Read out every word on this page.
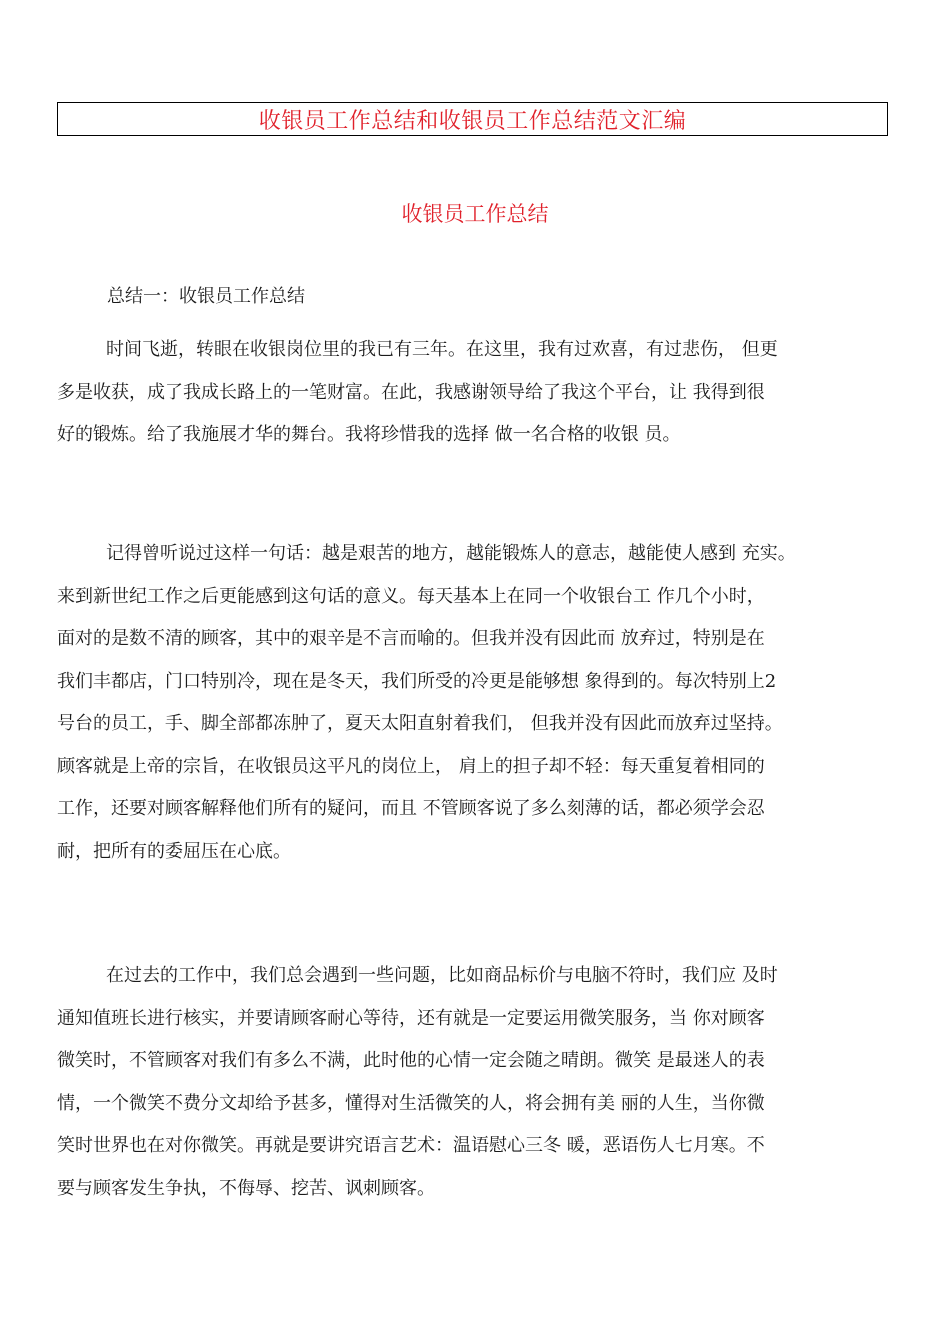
收银员工作总结和收银员工作总结范文汇编
收银员工作总结
总结一：收银员工作总结
时间飞逝，转眼在收银岗位里的我已有三年。在这里，我有过欢喜，有过悲伤， 但更
多是收获，成了我成长路上的一笔财富。在此，我感谢领导给了我这个平台，让 我得到很
好的锻炼。给了我施展才华的舞台。我将珍惜我的选择 做一名合格的收银 员。
记得曾听说过这样一句话：越是艰苦的地方，越能锻炼人的意志，越能使人感到 充实。
来到新世纪工作之后更能感到这句话的意义。每天基本上在同一个收银台工 作几个小时，
面对的是数不清的顾客，其中的艰辛是不言而喻的。但我并没有因此而 放弃过，特别是在
我们丰都店，门口特别冷，现在是冬天，我们所受的冷更是能够想 象得到的。每次特别上2
号台的员工，手、脚全部都冻肿了，夏天太阳直射着我们， 但我并没有因此而放弃过坚持。
顾客就是上帝的宗旨，在收银员这平凡的岗位上， 肩上的担子却不轻：每天重复着相同的
工作，还要对顾客解释他们所有的疑问，而且 不管顾客说了多么刻薄的话，都必须学会忍
耐，把所有的委屈压在心底。
在过去的工作中，我们总会遇到一些问题，比如商品标价与电脑不符时，我们应 及时
通知值班长进行核实，并要请顾客耐心等待，还有就是一定要运用微笑服务，当 你对顾客
微笑时，不管顾客对我们有多么不满，此时他的心情一定会随之晴朗。微笑 是最迷人的表
情，一个微笑不费分文却给予甚多，懂得对生活微笑的人，将会拥有美 丽的人生，当你微
笑时世界也在对你微笑。再就是要讲究语言艺术：温语慰心三冬 暖，恶语伤人七月寒。不
要与顾客发生争执，不侮辱、挖苦、讽刺顾客。
